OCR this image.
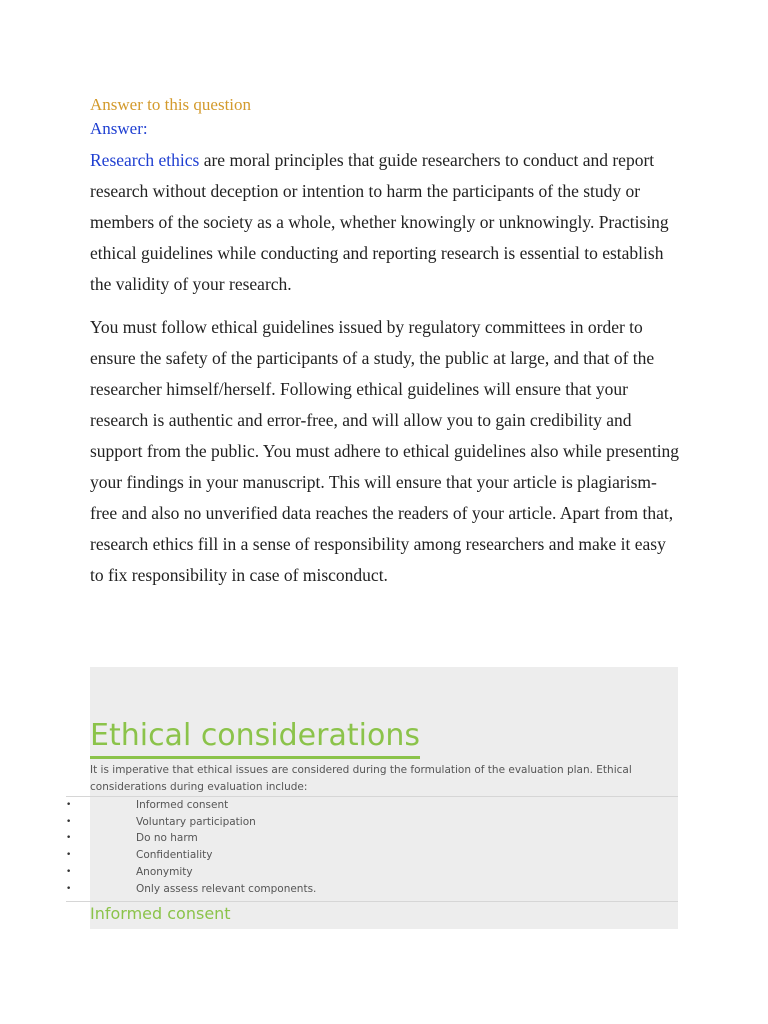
Answer to this question

Answer:

Research ethics are moral principles that guide researchers to conduct and report research without deception or intention to harm the participants of the study or members of the society as a whole, whether knowingly or unknowingly. Practising ethical guidelines while conducting and reporting research is essential to establish the validity of your research.

You must follow ethical guidelines issued by regulatory committees in order to ensure the safety of the participants of a study, the public at large, and that of the researcher himself/herself. Following ethical guidelines will ensure that your research is authentic and error-free, and will allow you to gain credibility and support from the public. You must adhere to ethical guidelines also while presenting your findings in your manuscript. This will ensure that your article is plagiarism-free and also no unverified data reaches the readers of your article. Apart from that, research ethics fill in a sense of responsibility among researchers and make it easy to fix responsibility in case of misconduct.

Ethical considerations

It is imperative that ethical issues are considered during the formulation of the evaluation plan. Ethical considerations during evaluation include:

•	Informed consent
•	Voluntary participation
•	Do no harm
•	Confidentiality
•	Anonymity
•	Only assess relevant components.
Informed consent
